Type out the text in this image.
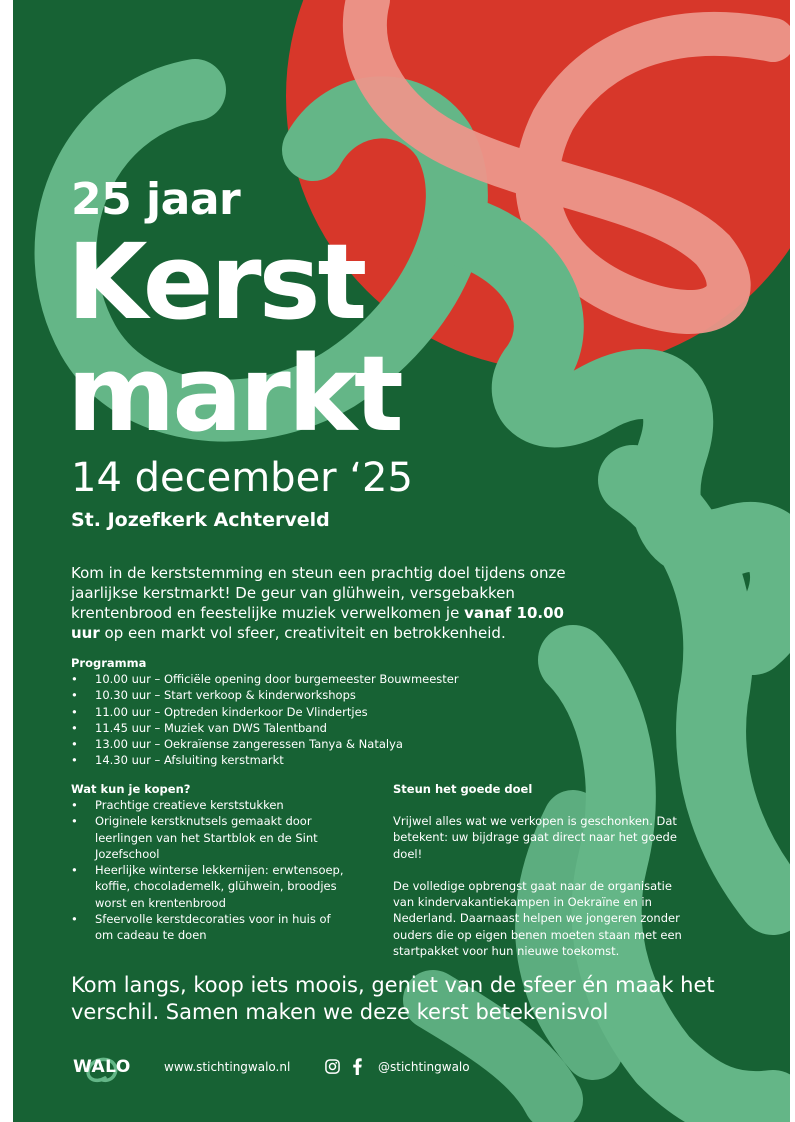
25 jaar
Kerst
markt
14 december ‘25
St. Jozefkerk Achterveld
Kom in de kerststemming en steun een prachtig doel tijdens onze jaarlijkse kerstmarkt! De geur van glühwein, versgebakken krentenbrood en feestelijke muziek verwelkomen je vanaf 10.00 uur op een markt vol sfeer, creativiteit en betrokkenheid.

Programma

• 10.00 uur – Officiële opening door burgemeester Bouwmeester
• 10.30 uur – Start verkoop & kinderworkshops
• 11.00 uur – Optreden kinderkoor De Vlindertjes
• 11.45 uur – Muziek van DWS Talentband
• 13.00 uur – Oekraïense zangeressen Tanya & Natalya
• 14.30 uur – Afsluiting kerstmarkt

Wat kun je kopen?

• Prachtige creatieve kerststukken
• Originele kerstknutsels gemaakt door leerlingen van het Startblok en de Sint Jozefschool
• Heerlijke winterse lekkernijen: erwtensoep, koffie, chocolademelk, glühwein, broodjes worst en krentenbrood
• Sfeervolle kerstdecoraties voor in huis of om cadeau te doen

Steun het goede doel

Vrijwel alles wat we verkopen is geschonken. Dat betekent: uw bijdrage gaat direct naar het goede doel!

De volledige opbrengst gaat naar de organisatie van kindervakantiekampen in Oekraïne en in Nederland. Daarnaast helpen we jongeren zonder ouders die op eigen benen moeten staan met een startpakket voor hun nieuwe toekomst.

Kom langs, koop iets moois, geniet van de sfeer én maak het verschil. Samen maken we deze kerst betekenisvol
WALO	www.stichtingwalo.nl	@stichtingwalo
